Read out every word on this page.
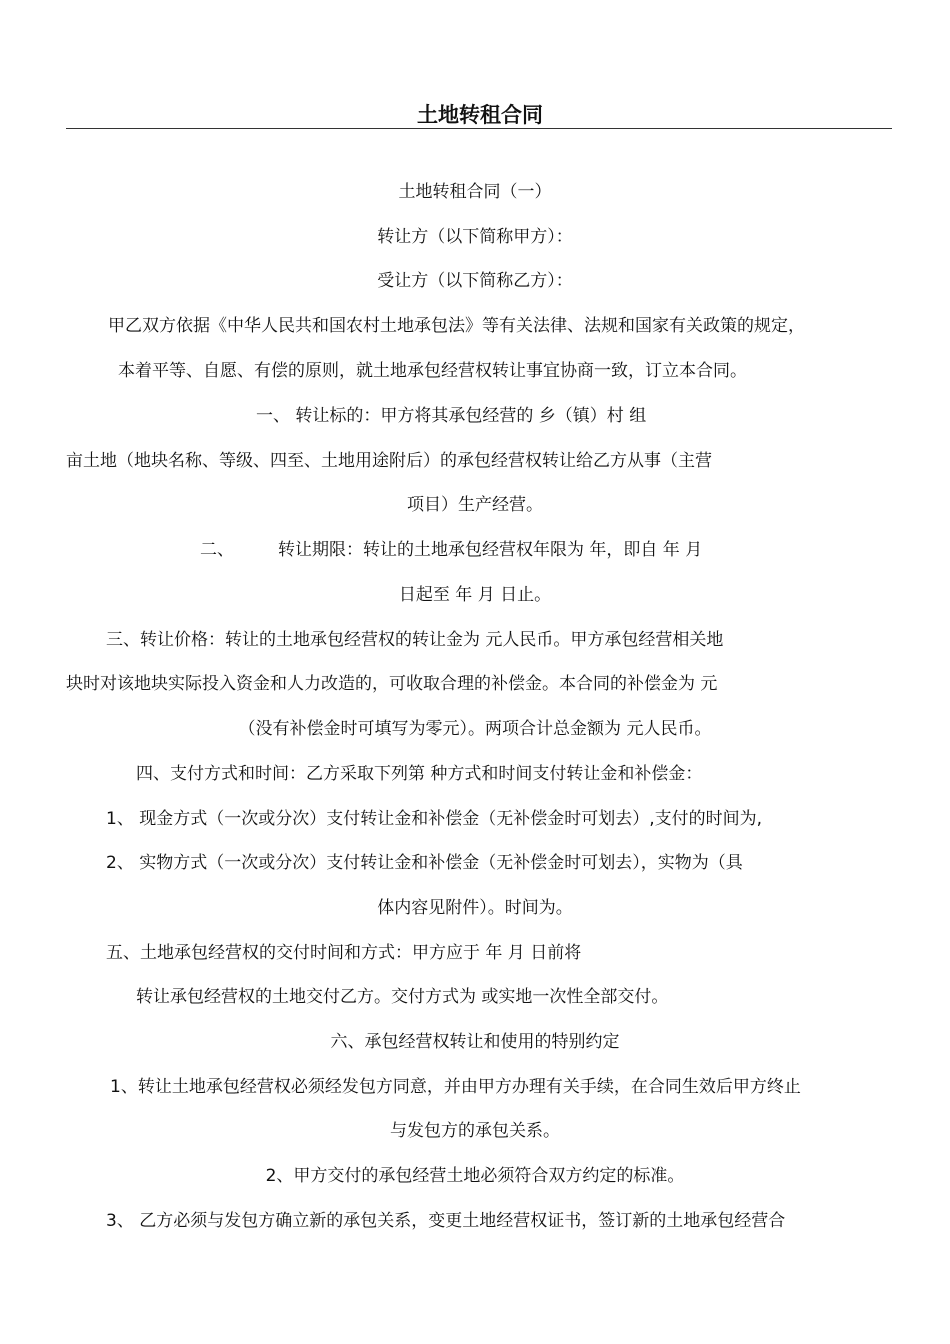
土地转租合同
土地转租合同（一）
转让方（以下简称甲方）：
受让方（以下简称乙方）：
甲乙双方依据《中华人民共和国农村土地承包法》等有关法律、法规和国家有关政策的规定，
本着平等、自愿、有偿的原则，就土地承包经营权转让事宜协商一致，订立本合同。
一、 转让标的：甲方将其承包经营的 乡（镇）村 组
亩土地（地块名称、等级、四至、土地用途附后）的承包经营权转让给乙方从事（主营
项目）生产经营。
二、	转让期限：转让的土地承包经营权年限为 年，即自 年 月
日起至 年 月 日止。
三、转让价格：转让的土地承包经营权的转让金为 元人民币。甲方承包经营相关地
块时对该地块实际投入资金和人力改造的，可收取合理的补偿金。本合同的补偿金为 元
（没有补偿金时可填写为零元）。两项合计总金额为 元人民币。
四、支付方式和时间：乙方采取下列第 种方式和时间支付转让金和补偿金：
1、 现金方式（一次或分次）支付转让金和补偿金（无补偿金时可划去）,支付的时间为,
2、 实物方式（一次或分次）支付转让金和补偿金（无补偿金时可划去），实物为（具
体内容见附件）。时间为。
五、土地承包经营权的交付时间和方式：甲方应于 年 月 日前将
转让承包经营权的土地交付乙方。交付方式为 或实地一次性全部交付。
六、承包经营权转让和使用的特别约定
1、转让土地承包经营权必须经发包方同意，并由甲方办理有关手续，在合同生效后甲方终止
与发包方的承包关系。
2、甲方交付的承包经营土地必须符合双方约定的标准。
3、 乙方必须与发包方确立新的承包关系，变更土地经营权证书，签订新的土地承包经营合
